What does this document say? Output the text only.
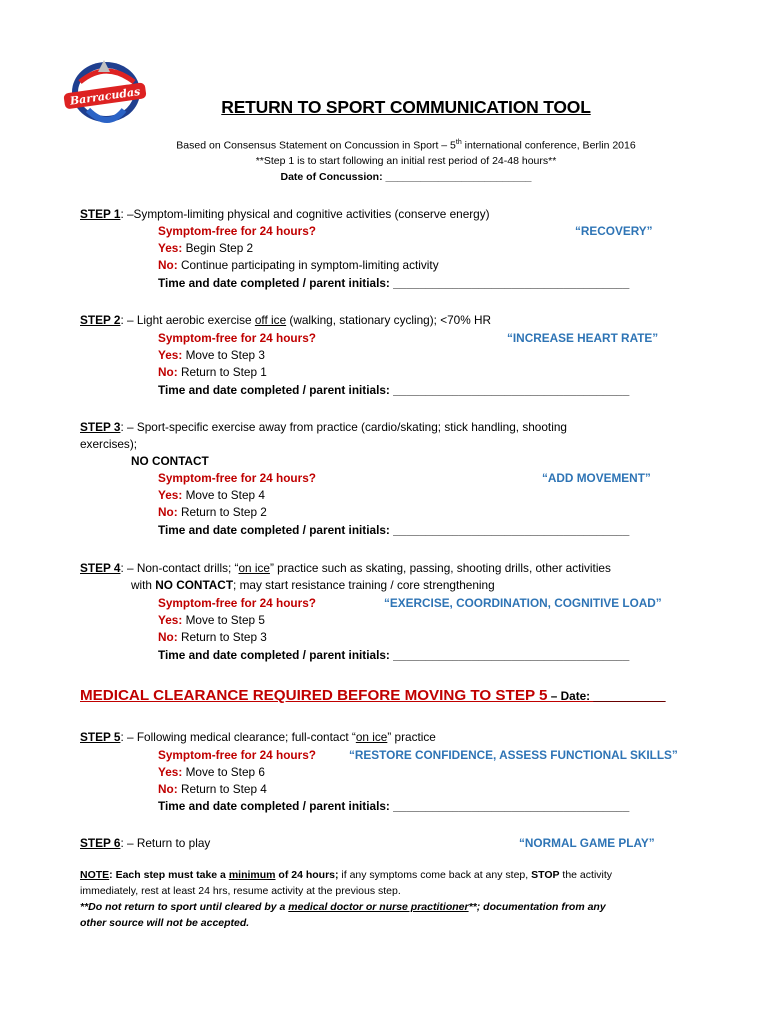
Barracudas	RETURN TO SPORT COMMUNICATION TOOL
Based on Consensus Statement on Concussion in Sport – 5th international conference, Berlin 2016
**Step 1 is to start following an initial rest period of 24-48 hours**
Date of Concussion: _________________________
STEP 1: –Symptom-limiting physical and cognitive activities (conserve energy)
Symptom-free for 24 hours?	“RECOVERY”
Yes: Begin Step 2
No: Continue participating in symptom-limiting activity
Time and date completed / parent initials: ____________________________________
STEP 2: – Light aerobic exercise off ice (walking, stationary cycling); <70% HR
Symptom-free for 24 hours?	“INCREASE HEART RATE”
Yes: Move to Step 3
No: Return to Step 1
Time and date completed / parent initials: ____________________________________
STEP 3: – Sport-specific exercise away from practice (cardio/skating; stick handling, shooting
exercises);
NO CONTACT
Symptom-free for 24 hours?	“ADD MOVEMENT”
Yes: Move to Step 4
No: Return to Step 2
Time and date completed / parent initials: ____________________________________
STEP 4: – Non-contact drills; “on ice” practice such as skating, passing, shooting drills, other activities
with NO CONTACT; may start resistance training / core strengthening
Symptom-free for 24 hours?	“EXERCISE, COORDINATION, COGNITIVE LOAD”
Yes: Move to Step 5
No: Return to Step 3
Time and date completed / parent initials: ____________________________________
MEDICAL CLEARANCE REQUIRED BEFORE MOVING TO STEP 5 – Date: ___________
STEP 5: – Following medical clearance; full-contact “on ice” practice
Symptom-free for 24 hours?	“RESTORE CONFIDENCE, ASSESS FUNCTIONAL SKILLS”
Yes: Move to Step 6
No: Return to Step 4
Time and date completed / parent initials: ____________________________________
STEP 6: – Return to play	“NORMAL GAME PLAY”
NOTE: Each step must take a minimum of 24 hours; if any symptoms come back at any step, STOP the activity
immediately, rest at least 24 hrs, resume activity at the previous step.
**Do not return to sport until cleared by a medical doctor or nurse practitioner**; documentation from any
other source will not be accepted.
